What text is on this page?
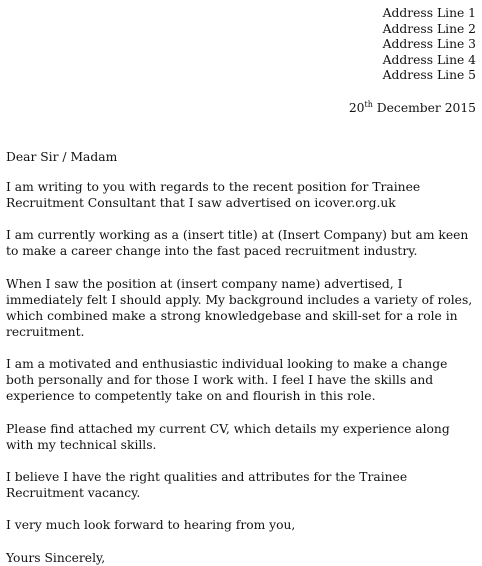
Address Line 1
Address Line 2
Address Line 3
Address Line 4
Address Line 5
20th December 2015

Dear Sir / Madam

I am writing to you with regards to the recent position for Trainee Recruitment Consultant that I saw advertised on icover.org.uk

I am currently working as a (insert title) at (Insert Company) but am keen to make a career change into the fast paced recruitment industry.

When I saw the position at (insert company name) advertised, I immediately felt I should apply. My background includes a variety of roles, which combined make a strong knowledgebase and skill-set for a role in recruitment.

I am a motivated and enthusiastic individual looking to make a change both personally and for those I work with. I feel I have the skills and experience to competently take on and flourish in this role.

Please find attached my current CV, which details my experience along with my technical skills.

I believe I have the right qualities and attributes for the Trainee Recruitment vacancy.

I very much look forward to hearing from you,

Yours Sincerely,
